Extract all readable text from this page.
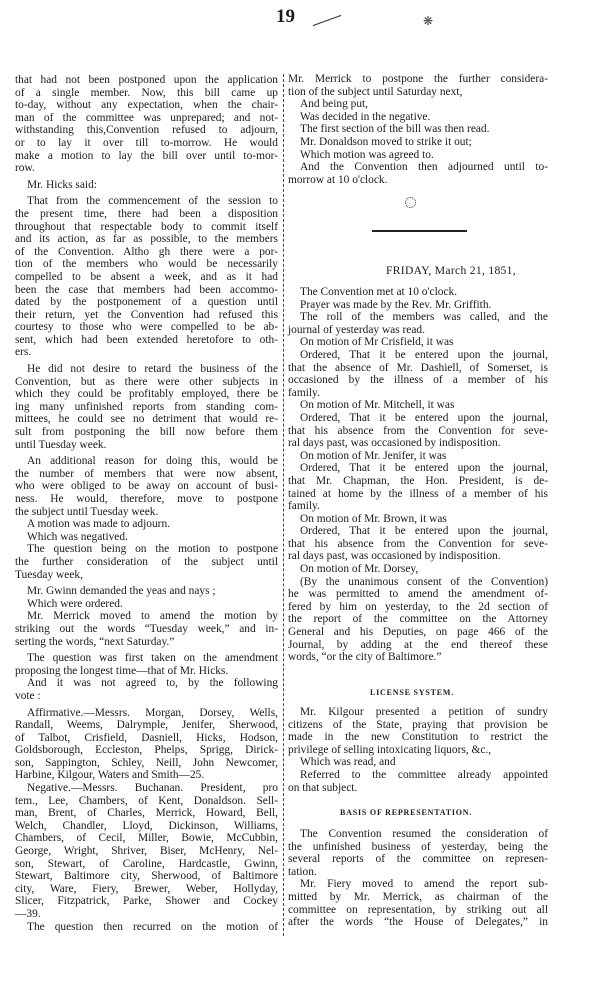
19	❋
that had not been postponed upon the application
of a single member. Now, this bill came up
to-day, without any expectation, when the chair-
man of the committee was unprepared; and not-
withstanding this,Convention refused to adjourn,
or to lay it over till to-morrow. He would
make a motion to lay the bill over until to-mor-
row.
Mr. Hicks said:
That from the commencement of the session to
the present time, there had been a disposition
throughout that respectable body to commit itself
and its action, as far as possible, to the members
of the Convention. Altho gh there were a por-
tion of the members who would be necessarily
compelled to be absent a week, and as it had
been the case that members had been accommo-
dated by the postponement of a question until
their return, yet the Convention had refused this
courtesy to those who were compelled to be ab-
sent, which had been extended heretofore to oth-
ers.
He did not desire to retard the business of the
Convention, but as there were other subjects in
which they could be profitably employed, there be
ing many unfinished reports from standing com-
mittees, he could see no detriment that would re-
sult from postponing the bill now before them
until Tuesday week.
An additional reason for doing this, would be
the number of members that were now absent,
who were obliged to be away on account of busi-
ness. He would, therefore, move to postpone
the subject until Tuesday week.
A motion was made to adjourn.
Which was negatived.
The question being on the motion to postpone
the further consideration of the subject until
Tuesday week,
Mr. Gwinn demanded the yeas and nays ;
Which were ordered.
Mr. Merrick moved to amend the motion by
striking out the words “Tuesday week,” and in-
serting the words, “next Saturday.”
The question was first taken on the amendment
proposing the longest time—that of Mr. Hicks.
And it was not agreed to, by the following
vote :
Affirmative.—Messrs. Morgan, Dorsey, Wells,
Randall, Weems, Dalrymple, Jenifer, Sherwood,
of Talbot, Crisfield, Dasniell, Hicks, Hodson,
Goldsborough, Eccleston, Phelps, Sprigg, Dirick-
son, Sappington, Schley, Neill, John Newcomer,
Harbine, Kilgour, Waters and Smith—25.
Negative.—Messrs. Buchanan. President, pro
tem., Lee, Chambers, of Kent, Donaldson. Sell-
man, Brent, of Charles, Merrick, Howard, Bell,
Welch, Chandler, Lloyd, Dickinson, Williams,
Chambers, of Cecil, Miller, Bowie, McCubbin,
George, Wright, Shriver, Biser, McHenry, Nel-
son, Stewart, of Caroline, Hardcastle, Gwinn,
Stewart, Baltimore city, Sherwood, of Baltimore
city, Ware, Fiery, Brewer, Weber, Hollyday,
Slicer, Fitzpatrick, Parke, Shower and Cockey
—39.
The question then recurred on the motion of
Mr. Merrick to postpone the further considera-
tion of the subject until Saturday next,
And being put,
Was decided in the negative.
The first section of the bill was then read.
Mr. Donaldson moved to strike it out;
Which motion was agreed to.
And the Convention then adjourned until to-
morrow at 10 o'clock.
FRIDAY, March 21, 1851,
The Convention met at 10 o'clock.
Prayer was made by the Rev. Mr. Griffith.
The roll of the members was called, and the
journal of yesterday was read.
On motion of Mr Crisfield, it was
Ordered, That it be entered upon the journal,
that the absence of Mr. Dashiell, of Somerset, is
occasioned by the illness of a member of his
family.
On motion of Mr. Mitchell, it was
Ordered, That it be entered upon the journal,
that his absence from the Convention for seve-
ral days past, was occasioned by indisposition.
On motion of Mr. Jenifer, it was
Ordered, That it be entered upon the journal,
that Mr. Chapman, the Hon. President, is de-
tained at home by the illness of a member of his
family.
On motion of Mr. Brown, it was
Ordered, That it be entered upon the journal,
that his absence from the Convention for seve-
ral days past, was occasioned by indisposition.
On motion of Mr. Dorsey,
(By the unanimous consent of the Convention)
he was permitted to amend the amendment of-
fered by him on yesterday, to the 2d section of
the report of the committee on the Attorney
General and his Deputies, on page 466 of the
Journal, by adding at the end thereof these
words, “or the city of Baltimore.”
LICENSE SYSTEM.
Mr. Kilgour presented a petition of sundry
citizens of the State, praying that provision be
made in the new Constitution to restrict the
privilege of selling intoxicating liquors, &c.,
Which was read, and
Referred to the committee already appointed
on that subject.
BASIS OF REPRESENTATION.
The Convention resumed the consideration of
the unfinished business of yesterday, being the
several reports of the committee on represen-
tation.
Mr. Fiery moved to amend the report sub-
mitted by Mr. Merrick, as chairman of the
committee on representation, by striking out all
after the words “the House of Delegates,” in
